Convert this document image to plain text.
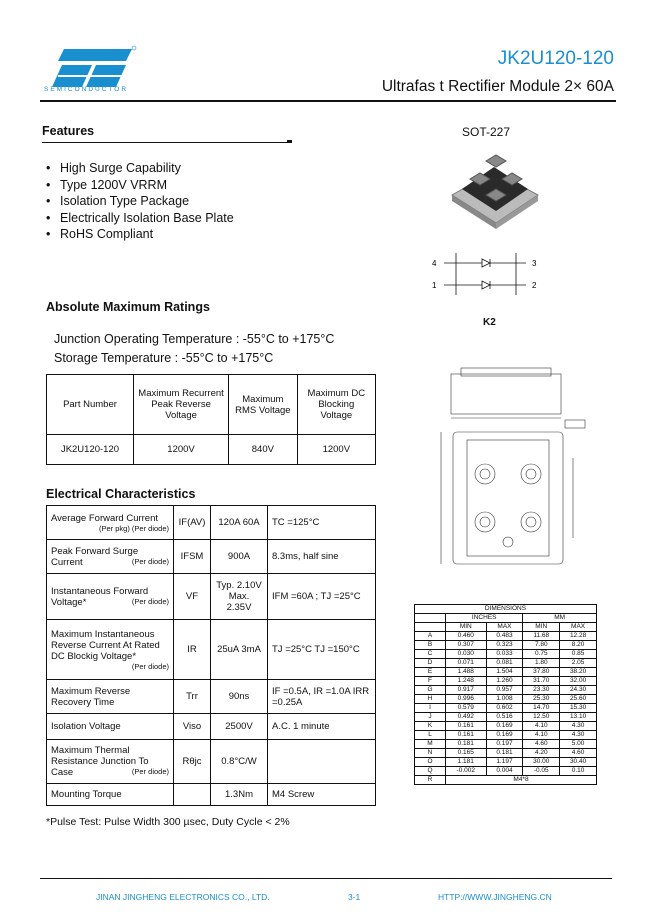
SEMICONDUCTOR
JK2U120-120
Ultrafas t Rectifier Module 2× 60A
Features
• High Surge Capability
• Type 1200V VRRM
• Isolation Type Package
• Electrically Isolation Base Plate
• RoHS Compliant
SOT-227
4
1
3
2
K2
Absolute Maximum Ratings
Junction Operating Temperature : -55°C to +175°C
Storage Temperature : -55°C to +175°C
Part Number	Maximum Recurrent Peak Reverse Voltage	Maximum RMS Voltage	Maximum DC Blocking Voltage
JK2U120-120	1200V	840V	1200V
Electrical Characteristics
Average Forward Current
(Per pkg) (Per diode)	IF(AV)	120A 60A	TC =125°C
Peak Forward Surge Current (Per diode)	IFSM	900A	8.3ms, half sine
Instantaneous Forward Voltage* (Per diode)	VF	Typ. 2.10V Max. 2.35V	IFM =60A ; TJ =25°C
Maximum Instantaneous Reverse Current At Rated DC Blockig Voltage*
(Per diode)	IR	25uA 3mA	TJ =25°C TJ =150°C
Maximum Reverse Recovery Time	Trr	90ns	IF =0.5A, IR =1.0A IRR =0.25A
Isolation Voltage	Viso	2500V	A.C. 1 minute
Maximum Thermal Resistance Junction To Case (Per diode)	Rθjc	0.8°C/W	
Mounting Torque		1.3Nm	M4 Screw
*Pulse Test: Pulse Width 300 µsec, Duty Cycle < 2%
DIMENSIONS				
	INCHES		MM	
	MIN	MAX	MIN	MAX
A	0.460	0.483	11.68	12.28
B	0.307	0.323	7.80	8.20
C	0.030	0.033	0.75	0.85
D	0.071	0.081	1.80	2.05
E	1.488	1.504	37.80	38.20
F	1.248	1.260	31.70	32.00
G	0.917	0.957	23.30	24.30
H	0.996	1.008	25.30	25.60
I	0.579	0.602	14.70	15.30
J	0.492	0.516	12.50	13.10
K	0.161	0.169	4.10	4.30
L	0.161	0.169	4.10	4.30
M	0.181	0.197	4.60	5.00
N	0.165	0.181	4.20	4.60
O	1.181	1.197	30.00	30.40
Q	-0.002	0.004	-0.05	0.10
R	M4*8			
JINAN JINGHENG ELECTRONICS CO., LTD.	3-1	HTTP://WWW.JINGHENG.CN
